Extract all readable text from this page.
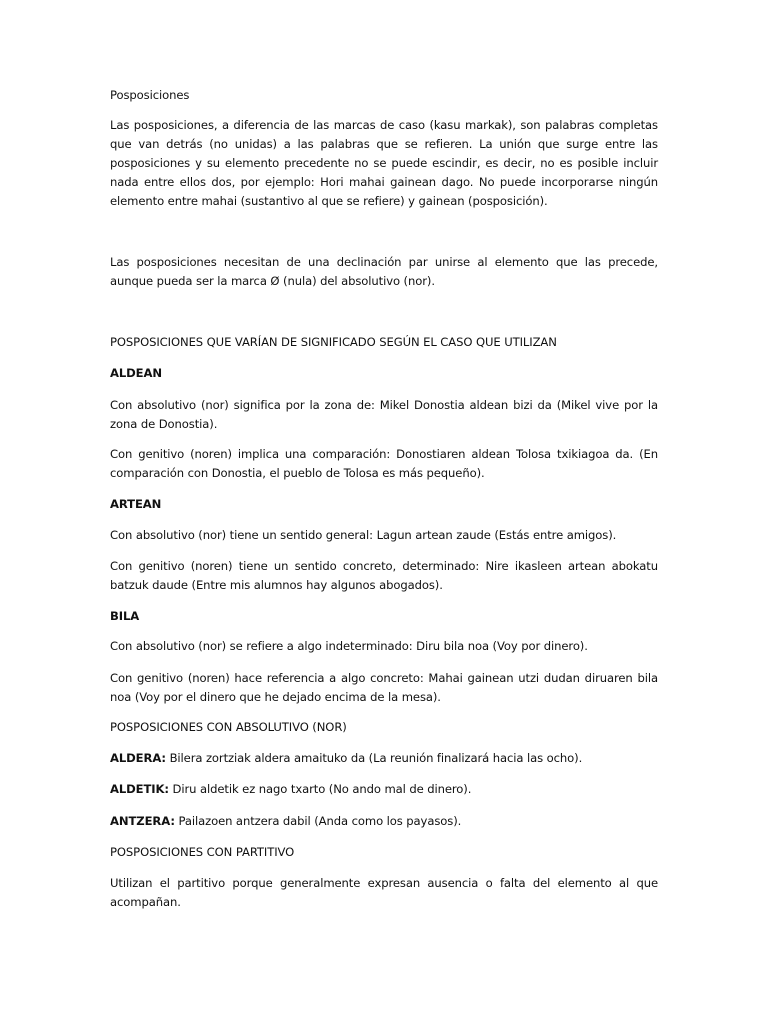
Posposiciones

Las posposiciones, a diferencia de las marcas de caso (kasu markak), son palabras completas que van detrás (no unidas) a las palabras que se refieren. La unión que surge entre las posposiciones y su elemento precedente no se puede escindir, es decir, no es posible incluir nada entre ellos dos, por ejemplo: Hori mahai gainean dago. No puede incorporarse ningún elemento entre mahai (sustantivo al que se refiere) y gainean (posposición).

Las posposiciones necesitan de una declinación par unirse al elemento que las precede, aunque pueda ser la marca Ø (nula) del absolutivo (nor).

POSPOSICIONES QUE VARÍAN DE SIGNIFICADO SEGÚN EL CASO QUE UTILIZAN

ALDEAN

Con absolutivo (nor) significa por la zona de: Mikel Donostia aldean bizi da (Mikel vive por la zona de Donostia).

Con genitivo (noren) implica una comparación: Donostiaren aldean Tolosa txikiagoa da. (En comparación con Donostia, el pueblo de Tolosa es más pequeño).

ARTEAN

Con absolutivo (nor) tiene un sentido general: Lagun artean zaude (Estás entre amigos).

Con genitivo (noren) tiene un sentido concreto, determinado: Nire ikasleen artean abokatu batzuk daude (Entre mis alumnos hay algunos abogados).

BILA

Con absolutivo (nor) se refiere a algo indeterminado: Diru bila noa (Voy por dinero).

Con genitivo (noren) hace referencia a algo concreto: Mahai gainean utzi dudan diruaren bila noa (Voy por el dinero que he dejado encima de la mesa).

POSPOSICIONES CON ABSOLUTIVO (NOR)

ALDERA: Bilera zortziak aldera amaituko da (La reunión finalizará hacia las ocho).

ALDETIK: Diru aldetik ez nago txarto (No ando mal de dinero).

ANTZERA: Pailazoen antzera dabil (Anda como los payasos).

POSPOSICIONES CON PARTITIVO

Utilizan el partitivo porque generalmente expresan ausencia o falta del elemento al que acompañan.
